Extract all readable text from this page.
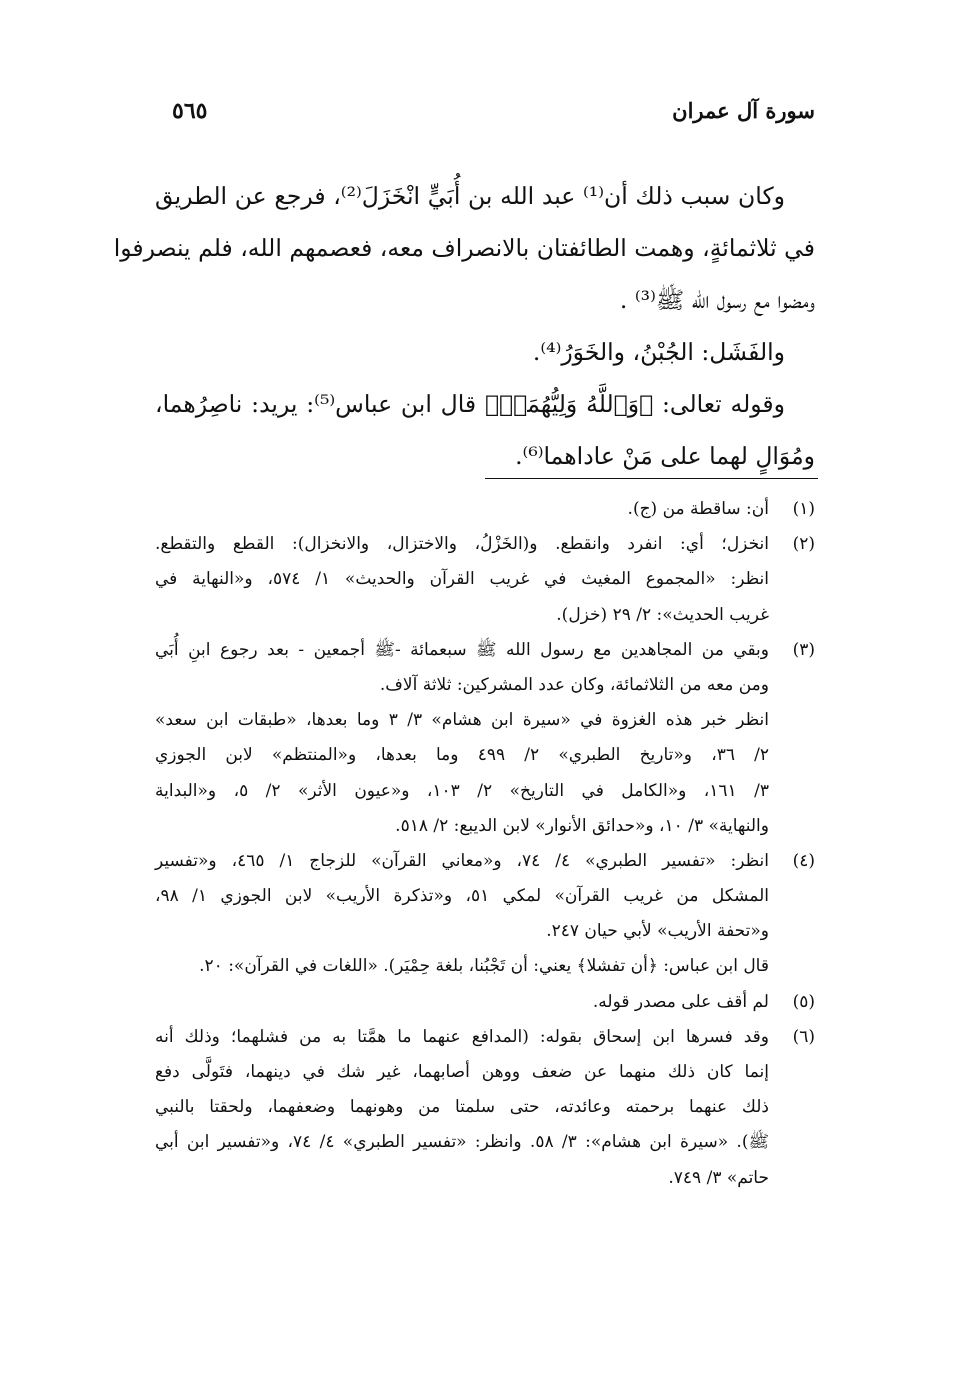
سورة آل عمران
٥٦٥
وكان سبب ذلك أن⁽¹⁾ عبد الله بن أُبَيٍّ انْخَزَلَ⁽²⁾، فرجع عن الطريق
في ثلاثمائةٍ، وهمت الطائفتان بالانصراف معه، فعصمهم الله، فلم ينصرفوا
ومضوا مع رسول الله ﷺ⁽³⁾ .
والفَشَل: الجُبْنُ، والخَوَرُ⁽⁴⁾.
وقوله تعالى: ﴿وَٱللَّهُ وَلِيُّهُمَاۗ﴾ قال ابن عباس⁽⁵⁾: يريد: ناصِرُهما،
ومُوَالٍ لهما على مَنْ عاداهما⁽⁶⁾.
(١)
أن: ساقطة من (ج).
(٢)
انخزل؛ أي: انفرد وانقطع. و(الخَزْلُ، والاختزال، والانخزال): القطع والتقطع.
انظر: «المجموع المغيث في غريب القرآن والحديث» ١/ ٥٧٤، و«النهاية في
غريب الحديث»: ٢/ ٢٩ (خزل).
(٣)
وبقي من المجاهدين مع رسول الله ﷺ سبعمائة -ﷺ أجمعين - بعد رجوع ابنِ أُبَي
ومن معه من الثلاثمائة، وكان عدد المشركين: ثلاثة آلاف.
انظر خبر هذه الغزوة في «سيرة ابن هشام» ٣/ ٣ وما بعدها، «طبقات ابن سعد»
٢/ ٣٦، و«تاريخ الطبري» ٢/ ٤٩٩ وما بعدها، و«المنتظم» لابن الجوزي
٣/ ١٦١، و«الكامل في التاريخ» ٢/ ١٠٣، و«عيون الأثر» ٢/ ٥، و«البداية
والنهاية» ٣/ ١٠، و«حدائق الأنوار» لابن الديبع: ٢/ ٥١٨.
(٤)
انظر: «تفسير الطبري» ٤/ ٧٤، و«معاني القرآن» للزجاج ١/ ٤٦٥، و«تفسير
المشكل من غريب القرآن» لمكي ٥١، و«تذكرة الأريب» لابن الجوزي ١/ ٩٨،
و«تحفة الأريب» لأبي حيان ٢٤٧.
قال ابن عباس: ﴿أن تفشلا﴾ يعني: أن تَجْبُنا، بلغة حِمْيَر). «اللغات في القرآن»: ٢٠.
(٥)
لم أقف على مصدر قوله.
(٦)
وقد فسرها ابن إسحاق بقوله: (المدافع عنهما ما همَّتا به من فشلهما؛ وذلك أنه
إنما كان ذلك منهما عن ضعف ووهن أصابهما، غير شك في دينهما، فتَولَّى دفع
ذلك عنهما برحمته وعائدته، حتى سلمتا من وهونهما وضعفهما، ولحقتا بالنبي
ﷺ). «سيرة ابن هشام»: ٣/ ٥٨. وانظر: «تفسير الطبري» ٤/ ٧٤، و«تفسير ابن أبي
حاتم» ٣/ ٧٤٩.
